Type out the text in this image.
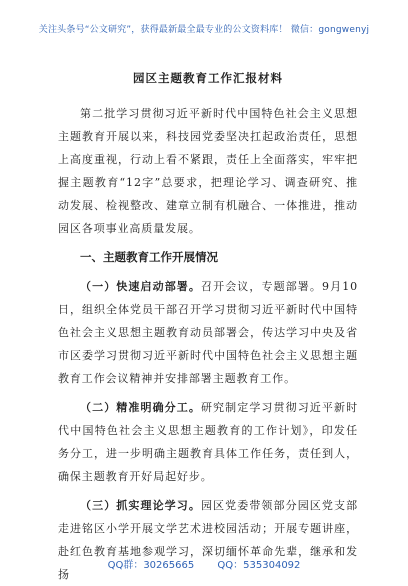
关注头条号“公文研究”，获得最新最全最专业的公文资料库！ 微信：gongwenyj
园区主题教育工作汇报材料

第二批学习贯彻习近平新时代中国特色社会主义思想主题教育开展以来，科技园党委坚决扛起政治责任，思想上高度重视，行动上看不紧跟，责任上全面落实，牢牢把握主题教育“12字”总要求，把理论学习、调查研究、推动发展、检视整改、建章立制有机融合、一体推进，推动园区各项事业高质量发展。

一、主题教育工作开展情况

（一）快速启动部署。召开会议，专题部署。9月10日，组织全体党员干部召开学习贯彻习近平新时代中国特色社会主义思想主题教育动员部署会，传达学习中央及省市区委学习贯彻习近平新时代中国特色社会主义思想主题教育工作会议精神并安排部署主题教育工作。

（二）精准明确分工。研究制定学习贯彻习近平新时代中国特色社会主义思想主题教育的工作计划》，印发任务分工，进一步明确主题教育具体工作任务，责任到人，确保主题教育开好局起好步。

（三）抓实理论学习。园区党委带领部分园区党支部走进铭区小学开展文学艺术进校园活动；开展专题讲座，赴红色教育基地参观学习，深切缅怀革命先辈，继承和发扬

QQ群：30265665 QQ：535304092
